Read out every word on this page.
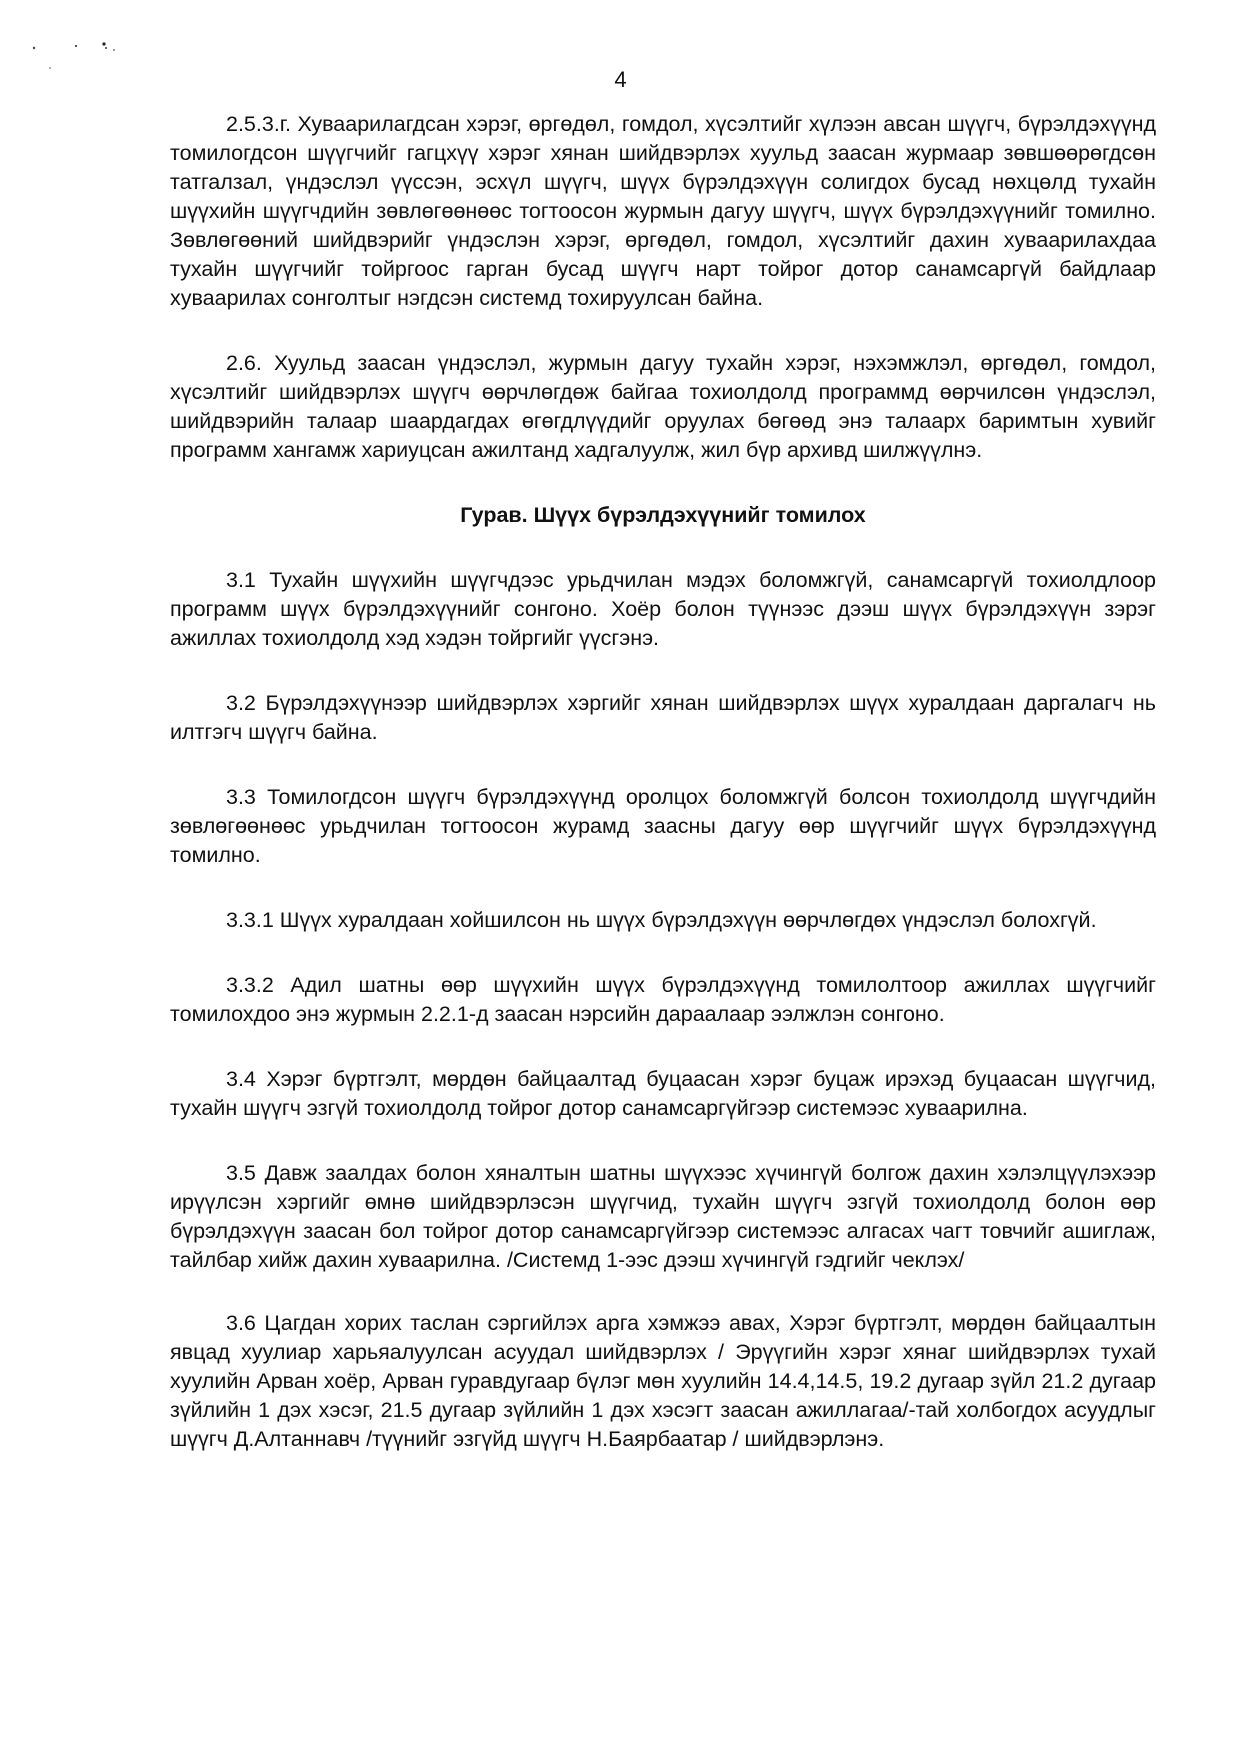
4

2.5.3.г. Хуваарилагдсан хэрэг, өргөдөл, гомдол, хүсэлтийг хүлээн авсан шүүгч, бүрэлдэхүүнд томилогдсон шүүгчийг гагцхүү хэрэг хянан шийдвэрлэх хуульд заасан журмаар зөвшөөрөгдсөн татгалзал, үндэслэл үүссэн, эсхүл шүүгч, шүүх бүрэлдэхүүн солигдох бусад нөхцөлд тухайн шүүхийн шүүгчдийн зөвлөгөөнөөс тогтоосон журмын дагуу шүүгч, шүүх бүрэлдэхүүнийг томилно. Зөвлөгөөний шийдвэрийг үндэслэн хэрэг, өргөдөл, гомдол, хүсэлтийг дахин хуваарилахдаа тухайн шүүгчийг тойргоос гарган бусад шүүгч нарт тойрог дотор санамсаргүй байдлаар хуваарилах сонголтыг нэгдсэн системд тохируулсан байна.

2.6. Хуульд заасан үндэслэл, журмын дагуу тухайн хэрэг, нэхэмжлэл, өргөдөл, гомдол, хүсэлтийг шийдвэрлэх шүүгч өөрчлөгдөж байгаа тохиолдолд программд өөрчилсөн үндэслэл, шийдвэрийн талаар шаардагдах өгөгдлүүдийг оруулах бөгөөд энэ талаарх баримтын хувийг программ хангамж хариуцсан ажилтанд хадгалуулж, жил бүр архивд шилжүүлнэ.

Гурав. Шүүх бүрэлдэхүүнийг томилох

3.1 Тухайн шүүхийн шүүгчдээс урьдчилан мэдэх боломжгүй, санамсаргүй тохиолдлоор программ шүүх бүрэлдэхүүнийг сонгоно. Хоёр болон түүнээс дээш шүүх бүрэлдэхүүн зэрэг ажиллах тохиолдолд хэд хэдэн тойргийг үүсгэнэ.

3.2 Бүрэлдэхүүнээр шийдвэрлэх хэргийг хянан шийдвэрлэх шүүх хуралдаан даргалагч нь илтгэгч шүүгч байна.

3.3 Томилогдсон шүүгч бүрэлдэхүүнд оролцох боломжгүй болсон тохиолдолд шүүгчдийн зөвлөгөөнөөс урьдчилан тогтоосон журамд заасны дагуу өөр шүүгчийг шүүх бүрэлдэхүүнд томилно.

3.3.1 Шүүх хуралдаан хойшилсон нь шүүх бүрэлдэхүүн өөрчлөгдөх үндэслэл болохгүй.

3.3.2 Адил шатны өөр шүүхийн шүүх бүрэлдэхүүнд томилолтоор ажиллах шүүгчийг томилохдоо энэ журмын 2.2.1-д заасан нэрсийн дараалаар ээлжлэн сонгоно.

3.4 Хэрэг бүртгэлт, мөрдөн байцаалтад буцаасан хэрэг буцаж ирэхэд буцаасан шүүгчид, тухайн шүүгч эзгүй тохиолдолд тойрог дотор санамсаргүйгээр системээс хуваарилна.

3.5 Давж заалдах болон хяналтын шатны шүүхээс хүчингүй болгож дахин хэлэлцүүлэхээр ирүүлсэн хэргийг өмнө шийдвэрлэсэн шүүгчид, тухайн шүүгч эзгүй тохиолдолд болон өөр бүрэлдэхүүн заасан бол тойрог дотор санамсаргүйгээр системээс алгасах чагт товчийг ашиглаж, тайлбар хийж дахин хуваарилна. /Системд 1-ээс дээш хүчингүй гэдгийг чеклэх/

3.6 Цагдан хорих таслан сэргийлэх арга хэмжээ авах, Хэрэг бүртгэлт, мөрдөн байцаалтын явцад хуулиар харьяалуулсан асуудал шийдвэрлэх / Эрүүгийн хэрэг хянаг шийдвэрлэх тухай хуулийн Арван хоёр, Арван гуравдугаар бүлэг мөн хуулийн 14.4,14.5, 19.2 дугаар зүйл 21.2 дугаар зүйлийн 1 дэх хэсэг, 21.5 дугаар зүйлийн 1 дэх хэсэгт заасан ажиллагаа/-тай холбогдох асуудлыг шүүгч Д.Алтаннавч /түүнийг эзгүйд шүүгч Н.Баярбаатар / шийдвэрлэнэ.
